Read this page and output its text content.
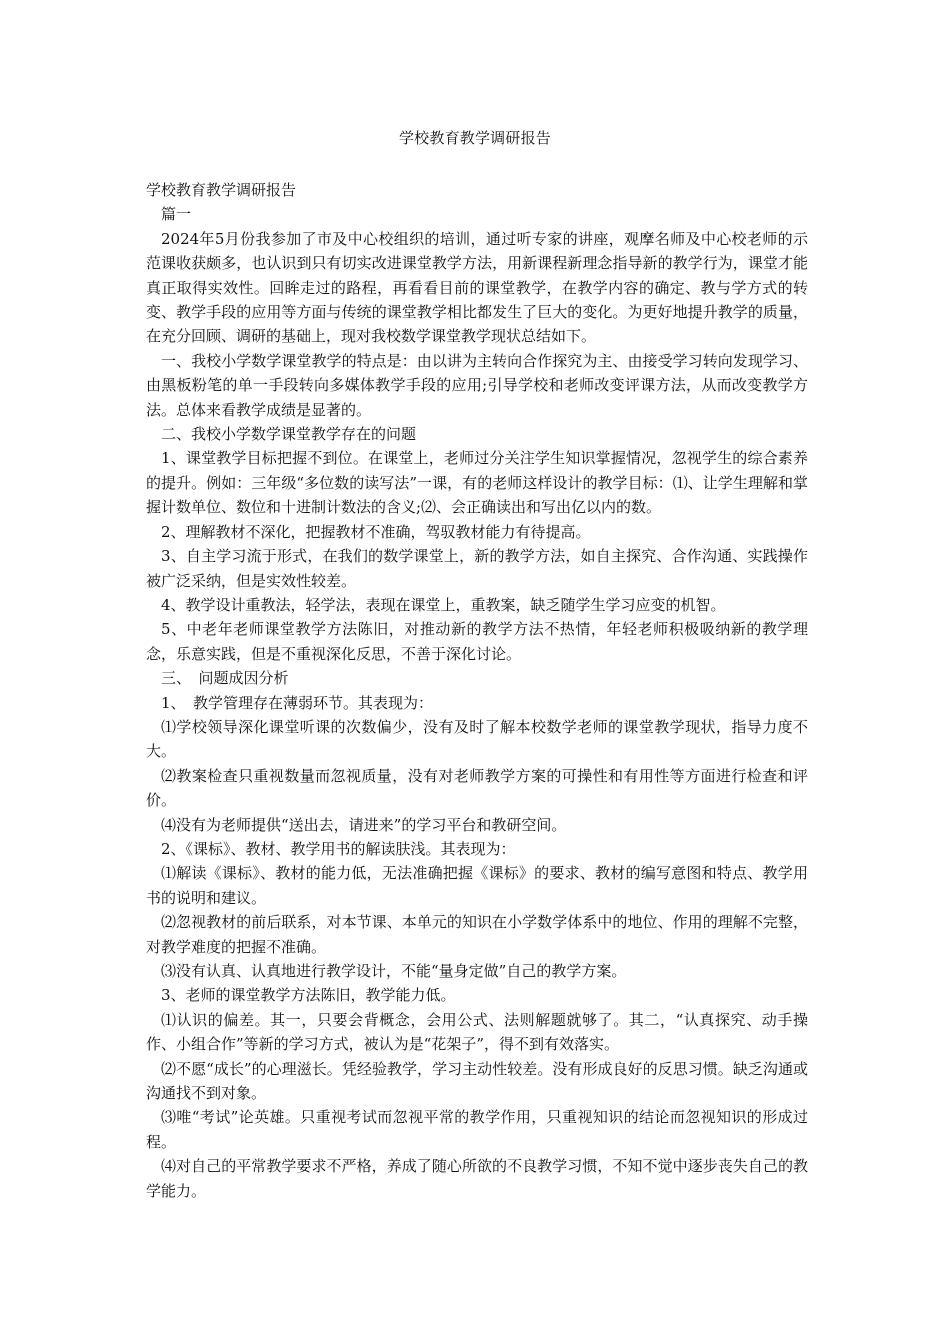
学校教育教学调研报告

学校教育教学调研报告

篇一

2024年5月份我参加了市及中心校组织的培训，通过听专家的讲座，观摩名师及中心校老师的示范课收获颇多，也认识到只有切实改进课堂教学方法，用新课程新理念指导新的教学行为，课堂才能真正取得实效性。回眸走过的路程，再看看目前的课堂教学，在教学内容的确定、教与学方式的转变、教学手段的应用等方面与传统的课堂教学相比都发生了巨大的变化。为更好地提升教学的质量，在充分回顾、调研的基础上，现对我校数学课堂教学现状总结如下。

一、我校小学数学课堂教学的特点是：由以讲为主转向合作探究为主、由接受学习转向发现学习、由黑板粉笔的单一手段转向多媒体教学手段的应用;引导学校和老师改变评课方法，从而改变教学方法。总体来看教学成绩是显著的。

二、我校小学数学课堂教学存在的问题

1、课堂教学目标把握不到位。在课堂上，老师过分关注学生知识掌握情况，忽视学生的综合素养的提升。例如：三年级“多位数的读写法”一课，有的老师这样设计的教学目标：⑴、让学生理解和掌握计数单位、数位和十进制计数法的含义;⑵、会正确读出和写出亿以内的数。

2、理解教材不深化，把握教材不准确，驾驭教材能力有待提高。

3、自主学习流于形式，在我们的数学课堂上，新的教学方法，如自主探究、合作沟通、实践操作被广泛采纳，但是实效性较差。

4、教学设计重教法，轻学法，表现在课堂上，重教案，缺乏随学生学习应变的机智。

5、中老年老师课堂教学方法陈旧，对推动新的教学方法不热情，年轻老师积极吸纳新的教学理念，乐意实践，但是不重视深化反思，不善于深化讨论。

三、　问题成因分析

1、　教学管理存在薄弱环节。其表现为：

⑴学校领导深化课堂听课的次数偏少，没有及时了解本校数学老师的课堂教学现状，指导力度不大。

⑵教案检查只重视数量而忽视质量，没有对老师教学方案的可操性和有用性等方面进行检查和评价。

⑷没有为老师提供“送出去，请进来”的学习平台和教研空间。

2、《课标》、教材、教学用书的解读肤浅。其表现为：

⑴解读《课标》、教材的能力低，无法准确把握《课标》的要求、教材的编写意图和特点、教学用书的说明和建议。

⑵忽视教材的前后联系，对本节课、本单元的知识在小学数学体系中的地位、作用的理解不完整，对教学难度的把握不准确。

⑶没有认真、认真地进行教学设计，不能“量身定做”自己的教学方案。

3、老师的课堂教学方法陈旧，教学能力低。

⑴认识的偏差。其一，只要会背概念，会用公式、法则解题就够了。其二，“认真探究、动手操作、小组合作”等新的学习方式，被认为是“花架子”，得不到有效落实。

⑵不愿“成长”的心理滋长。凭经验教学，学习主动性较差。没有形成良好的反思习惯。缺乏沟通或沟通找不到对象。

⑶唯“考试”论英雄。只重视考试而忽视平常的教学作用，只重视知识的结论而忽视知识的形成过程。

⑷对自己的平常教学要求不严格，养成了随心所欲的不良教学习惯，不知不觉中逐步丧失自己的教学能力。
